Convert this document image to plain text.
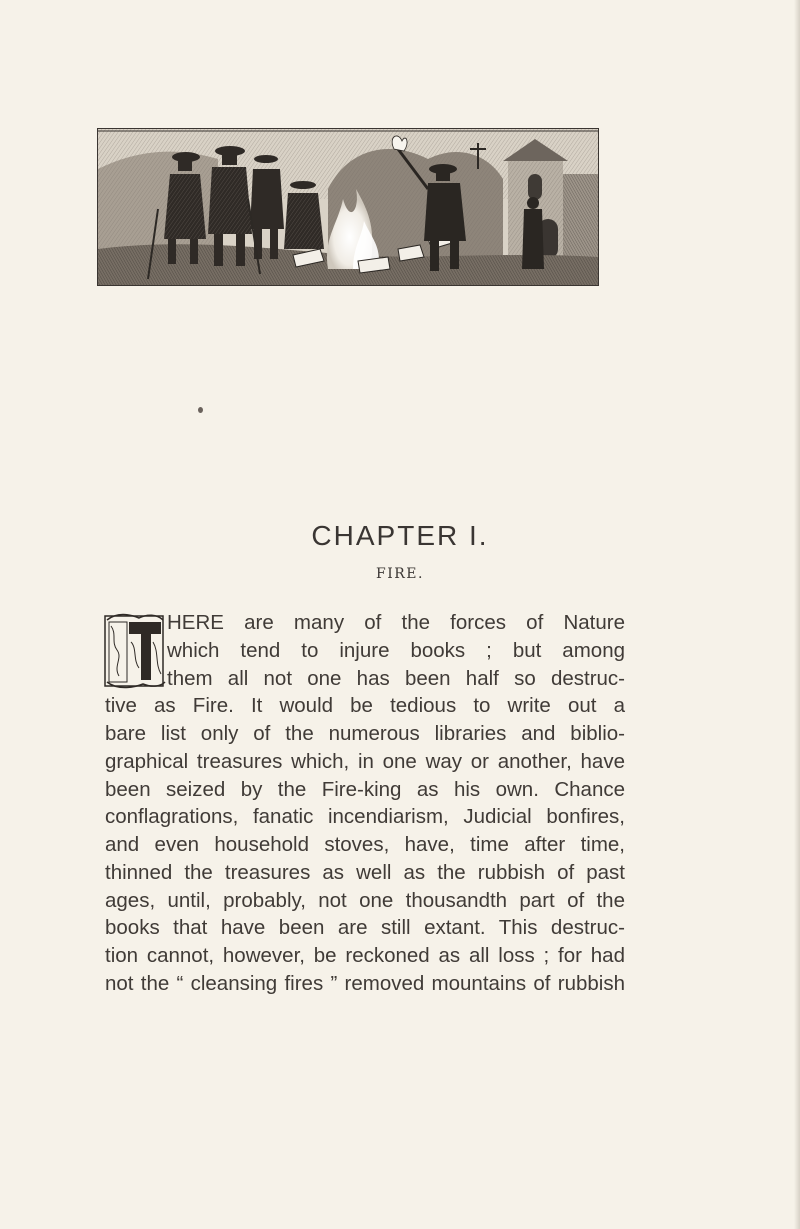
CHAPTER I.
FIRE.
HERE are many of the forces of Nature
which tend to injure books ; but among
them all not one has been half so destruc-
tive as Fire. It would be tedious to write out a
bare list only of the numerous libraries and biblio-
graphical treasures which, in one way or another, have
been seized by the Fire-king as his own. Chance
conflagrations, fanatic incendiarism, Judicial bonfires,
and even household stoves, have, time after time,
thinned the treasures as well as the rubbish of past
ages, until, probably, not one thousandth part of the
books that have been are still extant. This destruc-
tion cannot, however, be reckoned as all loss ; for had
not the “ cleansing fires ” removed mountains of rubbish
